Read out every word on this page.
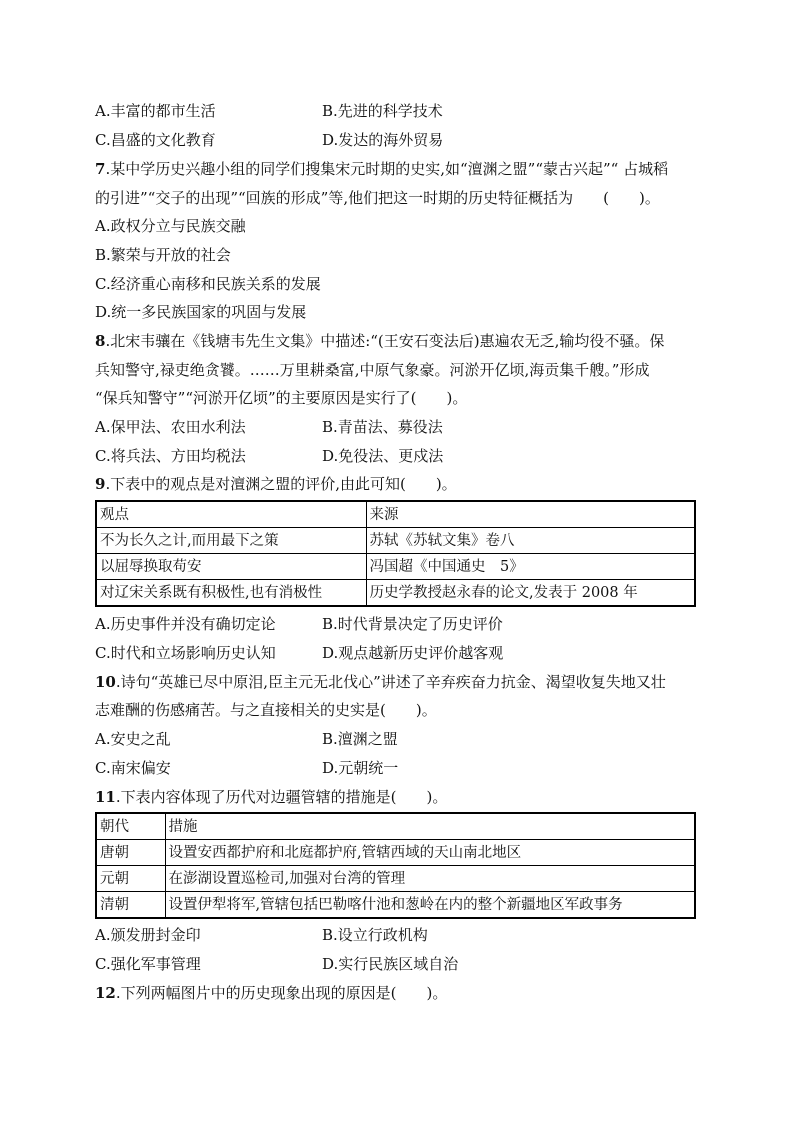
A.丰富的都市生活	B.先进的科学技术
C.昌盛的文化教育	D.发达的海外贸易
7.某中学历史兴趣小组的同学们搜集宋元时期的史实,如“澶渊之盟”“蒙古兴起”“ 占城稻
的引进”“交子的出现”“回族的形成”等,他们把这一时期的历史特征概括为　　(　　)。
A.政权分立与民族交融
B.繁荣与开放的社会
C.经济重心南移和民族关系的发展
D.统一多民族国家的巩固与发展
8.北宋韦骧在《钱塘韦先生文集》中描述:“(王安石变法后)惠遍农无乏,输均役不骚。保
兵知警守,禄吏绝贪饕。……万里耕桑富,中原气象豪。河淤开亿顷,海贡集千艘。”形成
“保兵知警守”“河淤开亿顷”的主要原因是实行了(　　)。
A.保甲法、农田水利法	B.青苗法、募役法
C.将兵法、方田均税法	D.免役法、更戍法
9.下表中的观点是对澶渊之盟的评价,由此可知(　　)。
观点	来源
不为长久之计,而用最下之策	苏轼《苏轼文集》卷八
以屈辱换取苟安	冯国超《中国通史　5》
对辽宋关系既有积极性,也有消极性	历史学教授赵永春的论文,发表于 2008 年
A.历史事件并没有确切定论	B.时代背景决定了历史评价
C.时代和立场影响历史认知	D.观点越新历史评价越客观
10.诗句“英雄已尽中原泪,臣主元无北伐心”讲述了辛弃疾奋力抗金、渴望收复失地又壮
志难酬的伤感痛苦。与之直接相关的史实是(　　)。
A.安史之乱	B.澶渊之盟
C.南宋偏安	D.元朝统一
11.下表内容体现了历代对边疆管辖的措施是(　　)。
朝代	措施
唐朝	设置安西都护府和北庭都护府,管辖西域的天山南北地区
元朝	在澎湖设置巡检司,加强对台湾的管理
清朝	设置伊犁将军,管辖包括巴勒喀什池和葱岭在内的整个新疆地区军政事务
A.颁发册封金印	B.设立行政机构
C.强化军事管理	D.实行民族区域自治
12.下列两幅图片中的历史现象出现的原因是(　　)。
